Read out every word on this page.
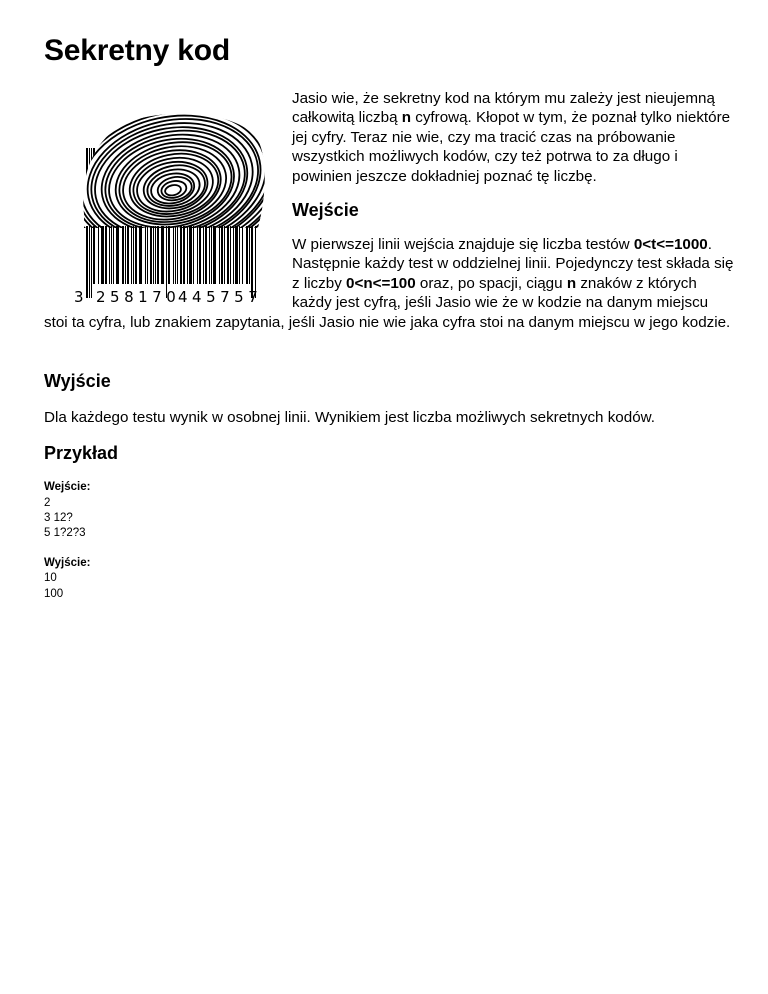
Sekretny kod
3 258170
445757

Jasio wie, że sekretny kod na którym mu zależy jest nieujemną całkowitą liczbą n cyfrową. Kłopot w tym, że poznał tylko niektóre jej cyfry. Teraz nie wie, czy ma tracić czas na próbowanie wszystkich możliwych kodów, czy też potrwa to za długo i powinien jeszcze dokładniej poznać tę liczbę.

Wejście

W pierwszej linii wejścia znajduje się liczba testów 0<t<=1000. Następnie każdy test w oddzielnej linii. Pojedynczy test składa się z liczby 0<n<=100 oraz, po spacji, ciągu n znaków z których każdy jest cyfrą, jeśli Jasio wie że w kodzie na danym miejscu stoi ta cyfra, lub znakiem zapytania, jeśli Jasio nie wie jaka cyfra stoi na danym miejscu w jego kodzie.

Wyjście

Dla każdego testu wynik w osobnej linii. Wynikiem jest liczba możliwych sekretnych kodów.

Przykład
Wejście:
2
3 12?
5 1?2?3
Wyjście:
10
100
